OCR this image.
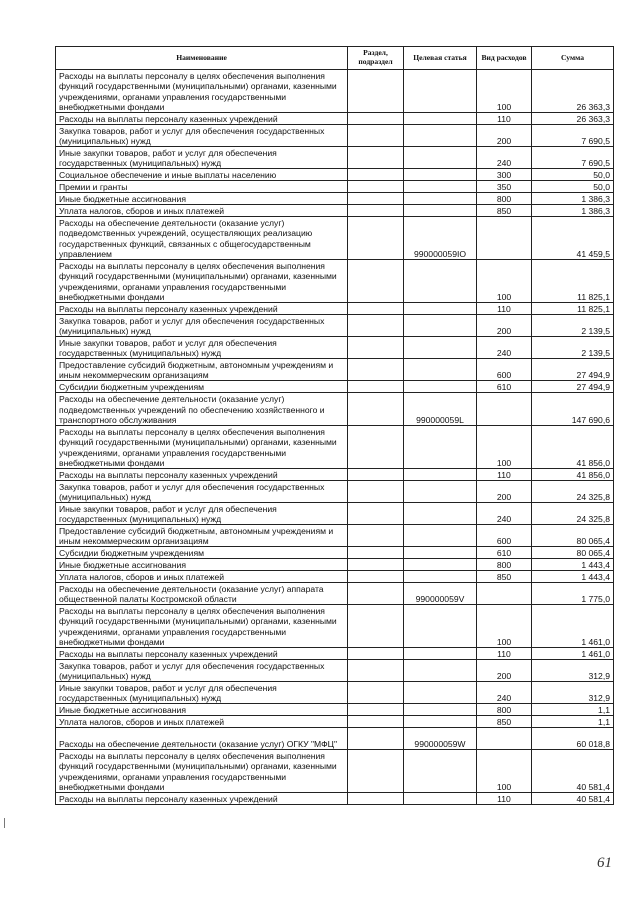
Наименование	Раздел, подраздел	Целевая статья	Вид расходов	Сумма
Расходы на выплаты персоналу в целях обеспечения выполнения функций государственными (муниципальными) органами, казенными учреждениями, органами управления государственными внебюджетными фондами			100	26 363,3
Расходы на выплаты персоналу казенных учреждений			110	26 363,3
Закупка товаров, работ и услуг для обеспечения государственных (муниципальных) нужд			200	7 690,5
Иные закупки товаров, работ и услуг для обеспечения государственных (муниципальных) нужд			240	7 690,5
Социальное обеспечение и иные выплаты населению			300	50,0
Премии и гранты			350	50,0
Иные бюджетные ассигнования			800	1 386,3
Уплата налогов, сборов и иных платежей			850	1 386,3
Расходы на обеспечение деятельности (оказание услуг) подведомственных учреждений, осуществляющих реализацию государственных функций, связанных с общегосударственным управлением		990000059IO		41 459,5
Расходы на выплаты персоналу в целях обеспечения выполнения функций государственными (муниципальными) органами, казенными учреждениями, органами управления государственными внебюджетными фондами			100	11 825,1
Расходы на выплаты персоналу казенных учреждений			110	11 825,1
Закупка товаров, работ и услуг для обеспечения государственных (муниципальных) нужд			200	2 139,5
Иные закупки товаров, работ и услуг для обеспечения государственных (муниципальных) нужд			240	2 139,5
Предоставление субсидий бюджетным, автономным учреждениям и иным некоммерческим организациям			600	27 494,9
Субсидии бюджетным учреждениям			610	27 494,9
Расходы на обеспечение деятельности (оказание услуг) подведомственных учреждений по обеспечению хозяйственного и транспортного обслуживания		990000059L		147 690,6
Расходы на выплаты персоналу в целях обеспечения выполнения функций государственными (муниципальными) органами, казенными учреждениями, органами управления государственными внебюджетными фондами			100	41 856,0
Расходы на выплаты персоналу казенных учреждений			110	41 856,0
Закупка товаров, работ и услуг для обеспечения государственных (муниципальных) нужд			200	24 325,8
Иные закупки товаров, работ и услуг для обеспечения государственных (муниципальных) нужд			240	24 325,8
Предоставление субсидий бюджетным, автономным учреждениям и иным некоммерческим организациям			600	80 065,4
Субсидии бюджетным учреждениям			610	80 065,4
Иные бюджетные ассигнования			800	1 443,4
Уплата налогов, сборов и иных платежей			850	1 443,4
Расходы на обеспечение деятельности (оказание услуг) аппарата общественной палаты Костромской области		990000059V		1 775,0
Расходы на выплаты персоналу в целях обеспечения выполнения функций государственными (муниципальными) органами, казенными учреждениями, органами управления государственными внебюджетными фондами			100	1 461,0
Расходы на выплаты персоналу казенных учреждений			110	1 461,0
Закупка товаров, работ и услуг для обеспечения государственных (муниципальных) нужд			200	312,9
Иные закупки товаров, работ и услуг для обеспечения государственных (муниципальных) нужд			240	312,9
Иные бюджетные ассигнования			800	1,1
Уплата налогов, сборов и иных платежей			850	1,1
Расходы на обеспечение деятельности (оказание услуг) ОГКУ "МФЦ"		990000059W		60 018,8
Расходы на выплаты персоналу в целях обеспечения выполнения функций государственными (муниципальными) органами, казенными учреждениями, органами управления государственными внебюджетными фондами			100	40 581,4
Расходы на выплаты персоналу казенных учреждений			110	40 581,4
61
